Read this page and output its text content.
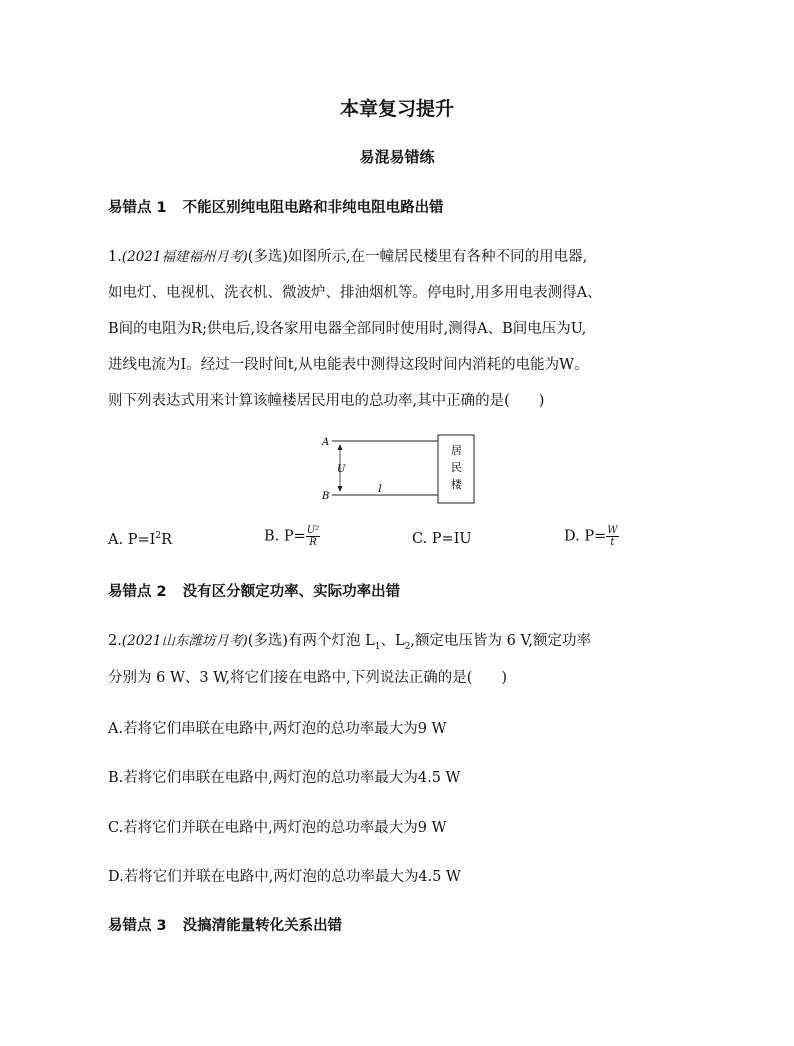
本章复习提升
易混易错练
易错点 1 不能区别纯电阻电路和非纯电阻电路出错
1.(2021福建福州月考)(多选)如图所示,在一幢居民楼里有各种不同的用电器,
如电灯、电视机、洗衣机、微波炉、排油烟机等。停电时,用多用电表测得A、
B间的电阻为R;供电后,设各家用电器全部同时使用时,测得A、B间电压为U,
进线电流为I。经过一段时间t,从电能表中测得这段时间内消耗的电能为W。
则下列表达式用来计算该幢楼居民用电的总功率,其中正确的是(　　)
A
B
U
I
居
民
楼
A. $P=I^2R$	B. $P= \frac{\text{U²}}{R}$	C. P=IU	D. $P= \frac{W}{t}$
易错点 2 没有区分额定功率、实际功率出错
2.(2021山东潍坊月考)(多选)有两个灯泡 $L_1$、$L_2$,额定电压皆为 6 V,额定功率
分别为 6 W、3 W,将它们接在电路中,下列说法正确的是(　　)
A.若将它们串联在电路中,两灯泡的总功率最大为9 W
B.若将它们串联在电路中,两灯泡的总功率最大为4.5 W
C.若将它们并联在电路中,两灯泡的总功率最大为9 W
D.若将它们并联在电路中,两灯泡的总功率最大为4.5 W
易错点 3 没搞清能量转化关系出错
